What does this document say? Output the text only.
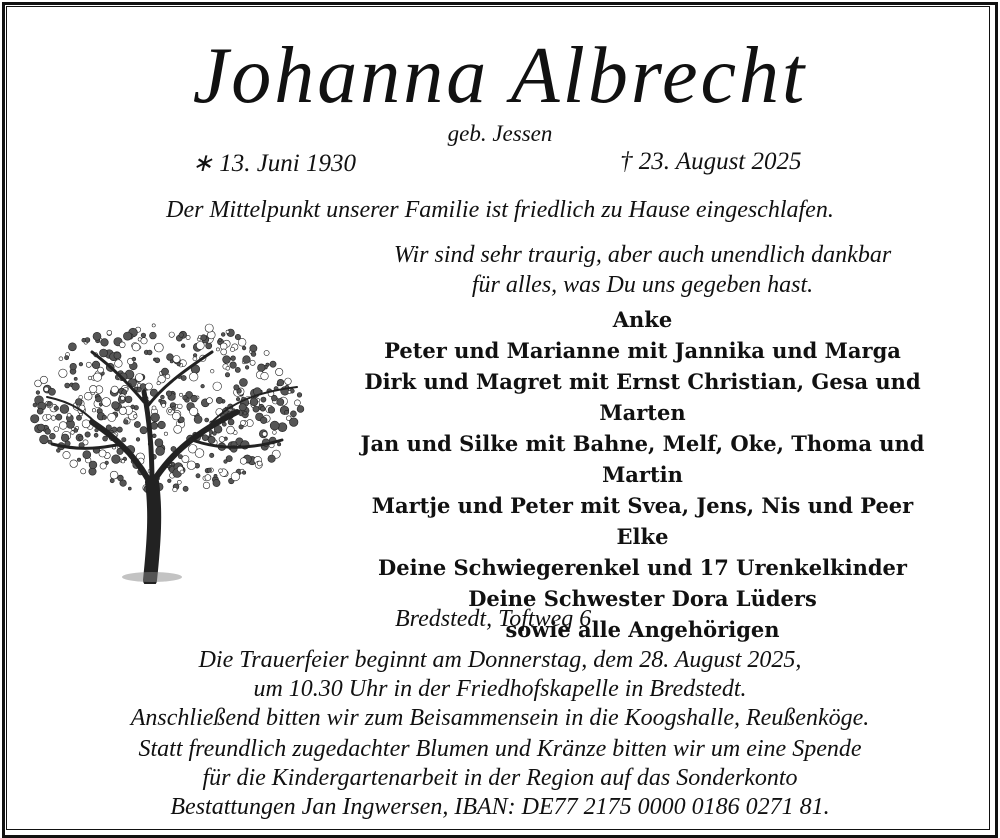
Johanna Albrecht
geb. Jessen
∗ 13. Juni 1930	† 23. August 2025
Der Mittelpunkt unserer Familie ist friedlich zu Hause eingeschlafen.
Wir sind sehr traurig, aber auch unendlich dankbar
für alles, was Du uns gegeben hast.
Anke
Peter und Marianne mit Jannika und Marga
Dirk und Magret mit Ernst Christian, Gesa und Marten
Jan und Silke mit Bahne, Melf, Oke, Thoma und Martin
Martje und Peter mit Svea, Jens, Nis und Peer
Elke
Deine Schwiegerenkel und 17 Urenkelkinder
Deine Schwester Dora Lüders
sowie alle Angehörigen
Bredstedt, Toftweg 6
Die Trauerfeier beginnt am Donnerstag, dem 28. August 2025,
um 10.30 Uhr in der Friedhofskapelle in Bredstedt.
Anschließend bitten wir zum Beisammensein in die Koogshalle, Reußenköge.
Statt freundlich zugedachter Blumen und Kränze bitten wir um eine Spende
für die Kindergartenarbeit in der Region auf das Sonderkonto
Bestattungen Jan Ingwersen, IBAN: DE77 2175 0000 0186 0271 81.
